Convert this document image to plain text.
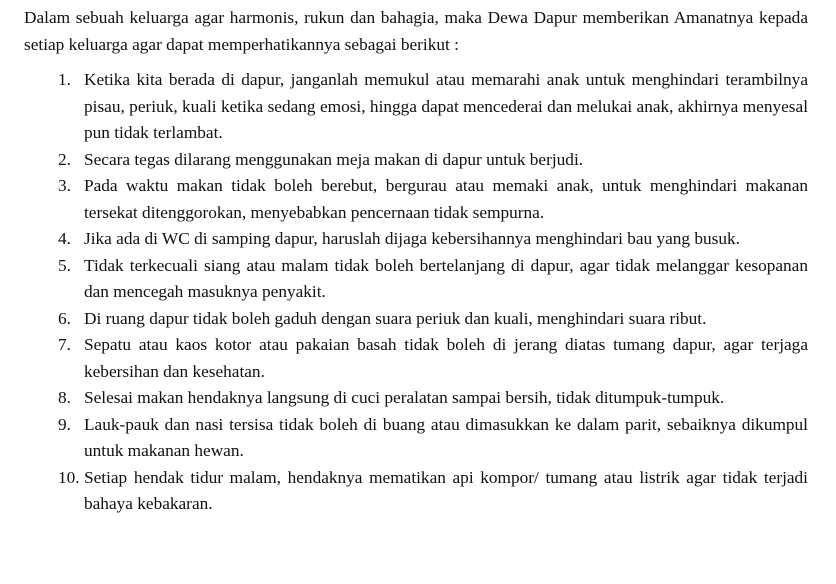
Dalam sebuah keluarga agar harmonis, rukun dan bahagia, maka Dewa Dapur memberikan Amanatnya kepada setiap keluarga agar dapat memperhatikannya sebagai berikut :

1. Ketika kita berada di dapur, janganlah memukul atau memarahi anak untuk menghindari terambilnya pisau, periuk, kuali ketika sedang emosi, hingga dapat mencederai dan melukai anak, akhirnya menyesal pun tidak terlambat.
2. Secara tegas dilarang menggunakan meja makan di dapur untuk berjudi.
3. Pada waktu makan tidak boleh berebut, bergurau atau memaki anak, untuk menghindari makanan tersekat ditenggorokan, menyebabkan pencernaan tidak sempurna.
4. Jika ada di WC di samping dapur, haruslah dijaga kebersihannya menghindari bau yang busuk.
5. Tidak terkecuali siang atau malam tidak boleh bertelanjang di dapur, agar tidak melanggar kesopanan dan mencegah masuknya penyakit.
6. Di ruang dapur tidak boleh gaduh dengan suara periuk dan kuali, menghindari suara ribut.
7. Sepatu atau kaos kotor atau pakaian basah tidak boleh di jerang diatas tumang dapur, agar terjaga kebersihan dan kesehatan.
8. Selesai makan hendaknya langsung di cuci peralatan sampai bersih, tidak ditumpuk-tumpuk.
9. Lauk-pauk dan nasi tersisa tidak boleh di buang atau dimasukkan ke dalam parit, sebaiknya dikumpul untuk makanan hewan.
10. Setiap hendak tidur malam, hendaknya mematikan api kompor/ tumang atau listrik agar tidak terjadi bahaya kebakaran.
